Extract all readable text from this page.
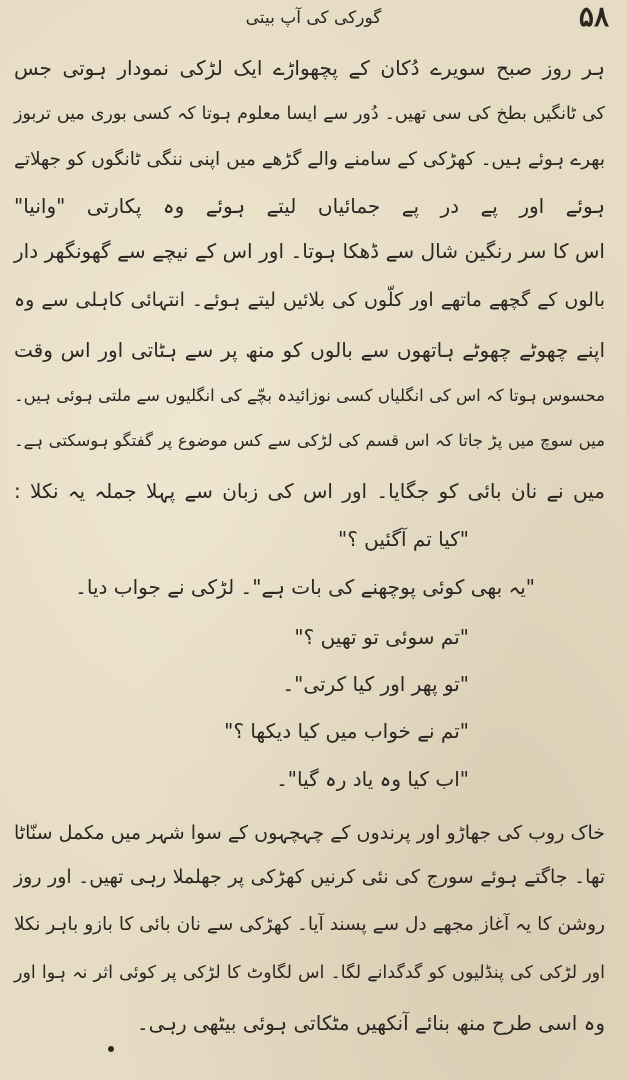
گورکی کی آپ بیتی	۵۸
ہر روز صبح سویرے دُکان کے پچھواڑے ایک لڑکی نمودار ہوتی جس
کی ٹانگیں بطخ کی سی تھیں۔ دُور سے ایسا معلوم ہوتا کہ کسی بوری میں تربوز
بھرے ہوئے ہیں۔ کھڑکی کے سامنے والے گڑھے میں اپنی ننگی ٹانگوں کو جھلاتے
ہوئے اور پے در پے جمائیاں لیتے ہوئے وہ پکارتی "وانیا"
اس کا سر رنگین شال سے ڈھکا ہوتا۔ اور اس کے نیچے سے گھونگھر دار
بالوں کے گچھے ماتھے اور کلّوں کی بلائیں لیتے ہوئے۔ انتہائی کاہلی سے وہ
اپنے چھوٹے چھوٹے ہاتھوں سے بالوں کو منھ پر سے ہٹاتی اور اس وقت
محسوس ہوتا کہ اس کی انگلیاں کسی نوزائیدہ بچّے کی انگلیوں سے ملتی ہوئی ہیں۔
میں سوچ میں پڑ جاتا کہ اس قسم کی لڑکی سے کس موضوع پر گفتگو ہوسکتی ہے۔
میں نے نان بائی کو جگایا۔ اور اس کی زبان سے پہلا جملہ یہ نکلا :
"کیا تم آگئیں ؟"
"یہ بھی کوئی پوچھنے کی بات ہے"۔ لڑکی نے جواب دیا۔
"تم سوئی تو تھیں ؟"
"تو پھر اور کیا کرتی"۔
"تم نے خواب میں کیا دیکھا ؟"
"اب کیا وہ یاد رہ گیا"۔
خاک روب کی جھاڑو اور پرندوں کے چہچہوں کے سوا شہر میں مکمل سنّاٹا
تھا۔ جاگتے ہوئے سورج کی نئی کرنیں کھڑکی پر جھلملا رہی تھیں۔ اور روز
روشن کا یہ آغاز مجھے دل سے پسند آیا۔ کھڑکی سے نان بائی کا بازو باہر نکلا
اور لڑکی کی پنڈلیوں کو گدگدانے لگا۔ اس لگاوٹ کا لڑکی پر کوئی اثر نہ ہوا اور
وہ اسی طرح منھ بنائے آنکھیں مٹکاتی ہوئی بیٹھی رہی۔
